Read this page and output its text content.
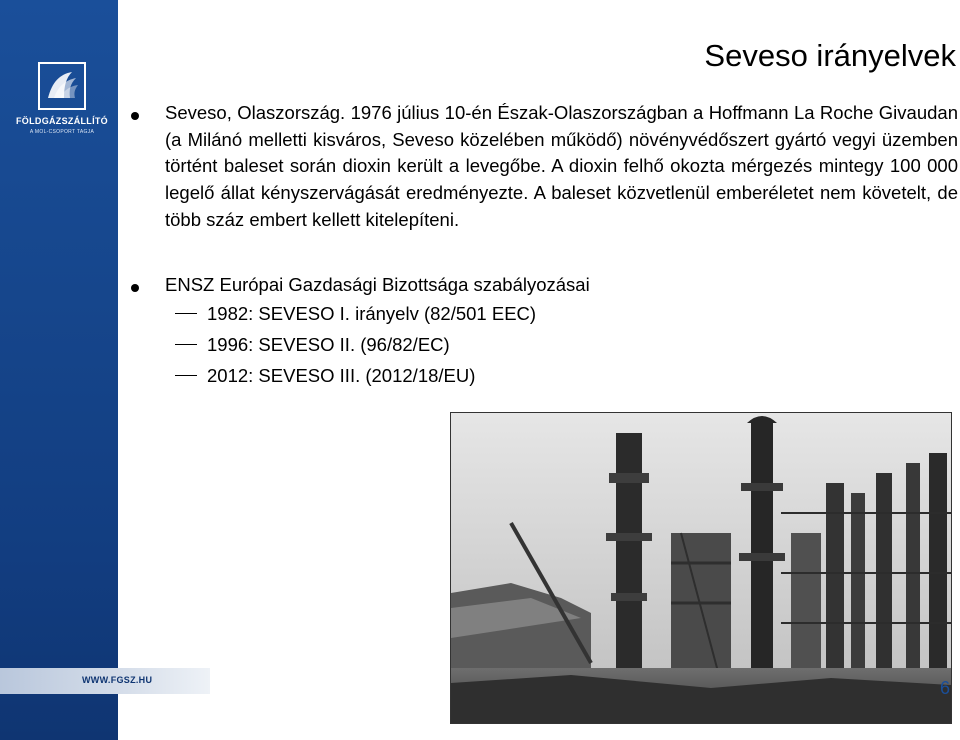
FÖLDGÁZSZÁLLÍTÓ
A MOL-CSOPORT TAGJA
WWW.FGSZ.HU
Seveso irányelvek
Seveso, Olaszország. 1976 július 10-én Észak-Olaszországban a Hoffmann La Roche Givaudan (a Milánó melletti kisváros, Seveso közelében működő) növényvédőszert gyártó vegyi üzemben történt baleset során dioxin került a levegőbe. A dioxin felhő okozta mérgezés mintegy 100 000 legelő állat kényszervágását eredményezte. A baleset közvetlenül emberéletet nem követelt, de több száz embert kellett kitelepíteni.
ENSZ Európai Gazdasági Bizottsága szabályozásai
1982: SEVESO I. irányelv (82/501 EEC)
1996: SEVESO II. (96/82/EC)
2012: SEVESO III. (2012/18/EU)
6
